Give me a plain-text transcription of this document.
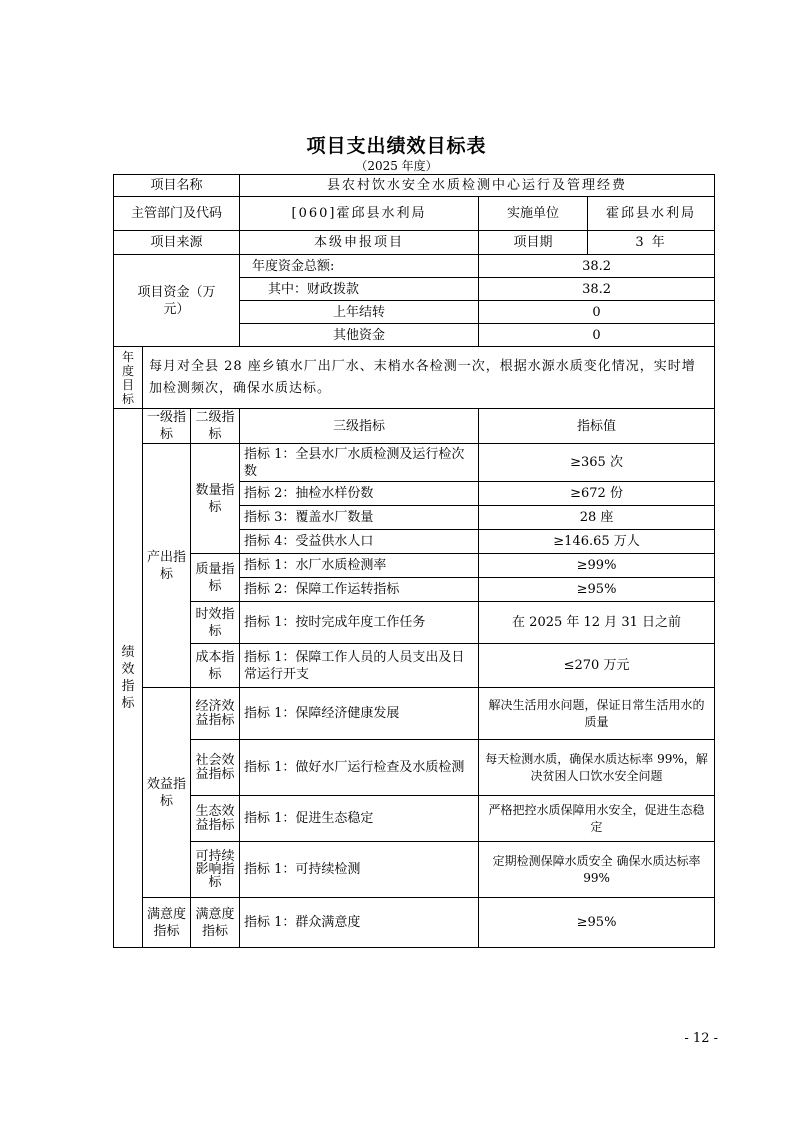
项目支出绩效目标表
（2025 年度）
项目名称			县农村饮水安全水质检测中心运行及管理经费		
主管部门及代码			[060]霍邱县水利局	实施单位	霍邱县水利局
项目来源			本级申报项目	项目期	3 年
项目资金（万元）			年度资金总额:	38.2	
			其中：财政拨款	38.2	
			上年结转	0	
			其他资金	0	
年度目标	每月对全县 28 座乡镇水厂出厂水、末梢水各检测一次，根据水源水质变化情况，实时增加检测频次，确保水质达标。				
绩效指标	一级指标	二级指标	三级指标	指标值	
	产出指标	数量指标	指标 1：全县水厂水质检测及运行检次数	≥365 次	
			指标 2：抽检水样份数	≥672 份	
			指标 3：覆盖水厂数量	28 座	
			指标 4：受益供水人口	≥146.65 万人	
		质量指标	指标 1：水厂水质检测率	≥99%	
			指标 2：保障工作运转指标	≥95%	
		时效指标	指标 1：按时完成年度工作任务	在 2025 年 12 月 31 日之前	
		成本指标	指标 1：保障工作人员的人员支出及日常运行开支	≤270 万元	
	效益指标	经济效益指标	指标 1：保障经济健康发展	解决生活用水问题，保证日常生活用水的质量	
		社会效益指标	指标 1：做好水厂运行检查及水质检测	每天检测水质，确保水质达标率 99%，解决贫困人口饮水安全问题	
		生态效益指标	指标 1：促进生态稳定	严格把控水质保障用水安全，促进生态稳定	
		可持续影响指标	指标 1：可持续检测	定期检测保障水质安全 确保水质达标率 99%	
	满意度指标	满意度指标	指标 1：群众满意度	≥95%	
- 12 -
